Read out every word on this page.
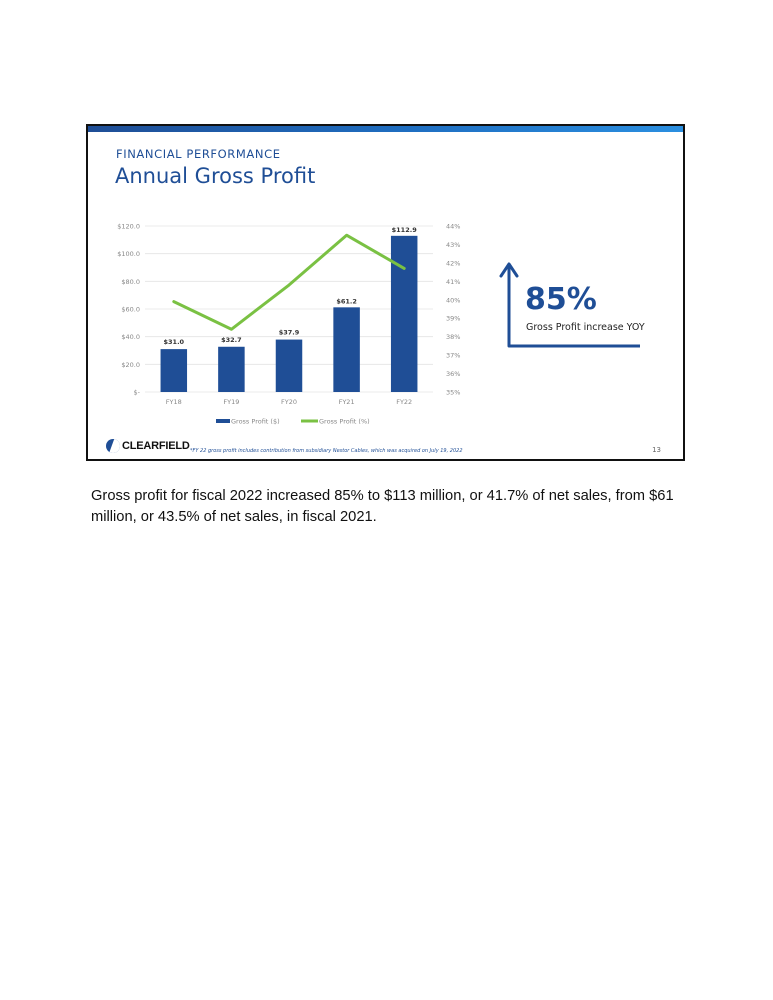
FINANCIAL PERFORMANCE
Annual Gross Profit
$-
$20.0
$40.0
$60.0
$80.0
$100.0
$120.0
35%
36%
37%
38%
39%
40%
41%
42%
43%
44%
FY18	FY19	FY20	FY21	FY22
$31.0	$32.7
$37.9
$61.2
$112.9
Gross Profit ($)	Gross Profit (%)
85%
Gross Profit increase YOY
CLEARFIELD *FY 22 gross profit includes contribution from subsidiary Nestor Cables, which was acquired on July 19, 2022	13
Gross profit for fiscal 2022 increased 85% to $113 million, or 41.7% of net sales, from $61 million, or 43.5% of net sales, in fiscal 2021.
